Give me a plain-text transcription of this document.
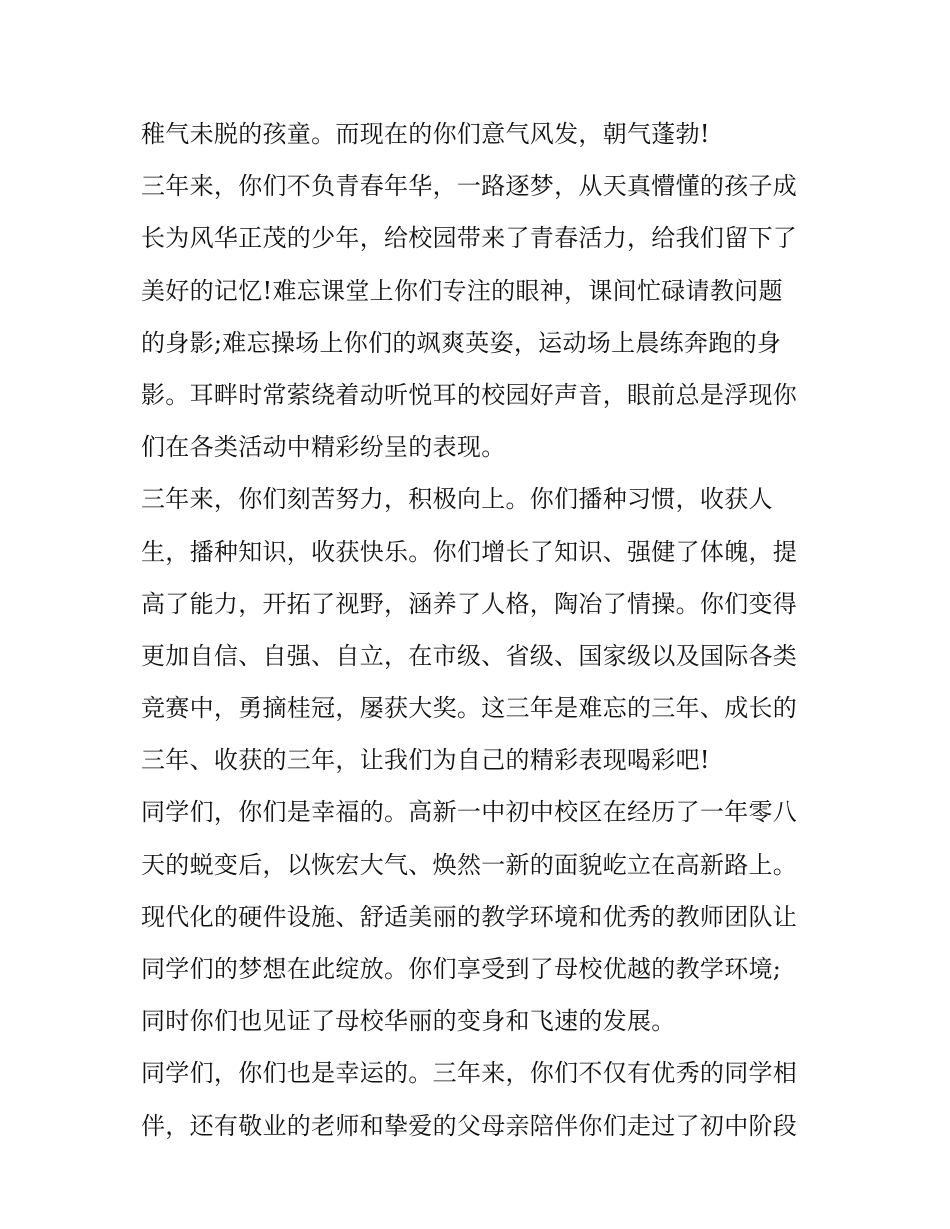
稚气未脱的孩童。而现在的你们意气风发，朝气蓬勃!
三年来，你们不负青春年华，一路逐梦，从天真懵懂的孩子成
长为风华正茂的少年，给校园带来了青春活力，给我们留下了
美好的记忆!难忘课堂上你们专注的眼神，课间忙碌请教问题
的身影;难忘操场上你们的飒爽英姿，运动场上晨练奔跑的身
影。耳畔时常萦绕着动听悦耳的校园好声音，眼前总是浮现你
们在各类活动中精彩纷呈的表现。
三年来，你们刻苦努力，积极向上。你们播种习惯，收获人
生，播种知识，收获快乐。你们增长了知识、强健了体魄，提
高了能力，开拓了视野，涵养了人格，陶冶了情操。你们变得
更加自信、自强、自立，在市级、省级、国家级以及国际各类
竞赛中，勇摘桂冠，屡获大奖。这三年是难忘的三年、成长的
三年、收获的三年，让我们为自己的精彩表现喝彩吧!
同学们，你们是幸福的。高新一中初中校区在经历了一年零八
天的蜕变后，以恢宏大气、焕然一新的面貌屹立在高新路上。
现代化的硬件设施、舒适美丽的教学环境和优秀的教师团队让
同学们的梦想在此绽放。你们享受到了母校优越的教学环境;
同时你们也见证了母校华丽的变身和飞速的发展。
同学们，你们也是幸运的。三年来，你们不仅有优秀的同学相
伴，还有敬业的老师和挚爱的父母亲陪伴你们走过了初中阶段
